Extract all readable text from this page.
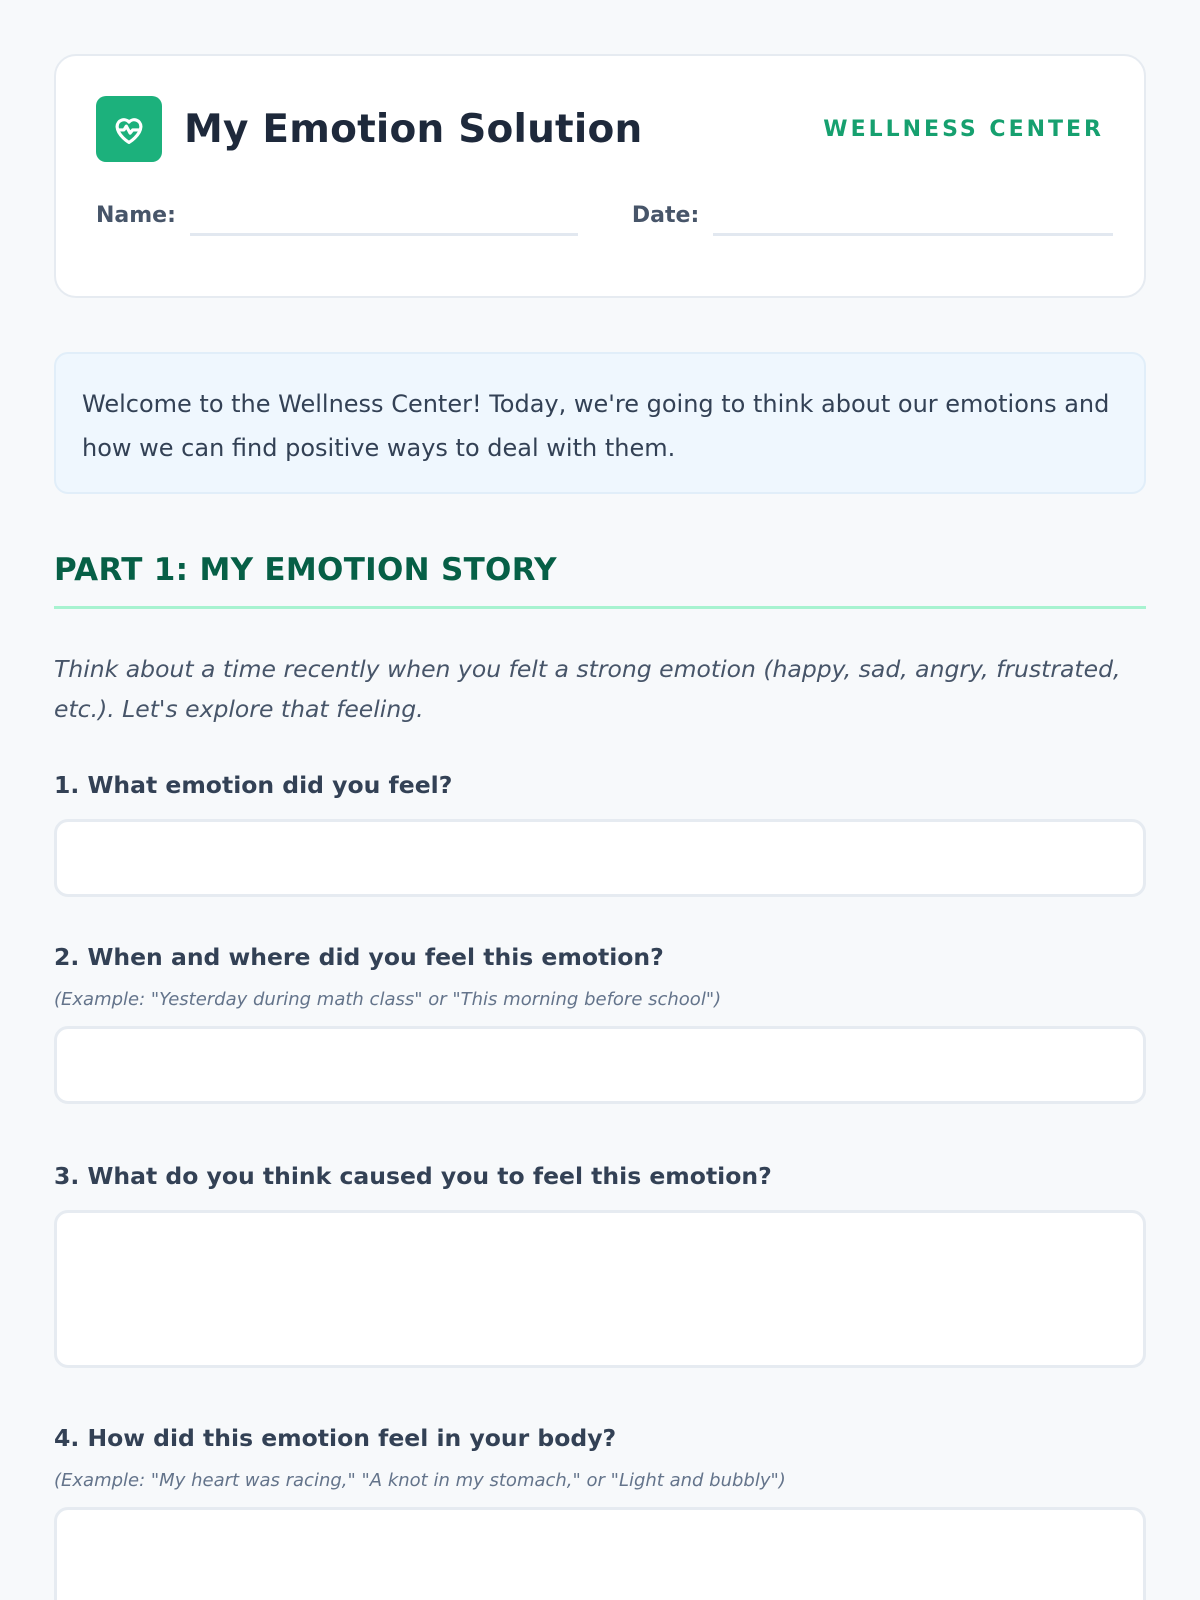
My Emotion Solution	WELLNESS CENTER
Name:	Date:

Welcome to the Wellness Center! Today, we're going to think about our emotions and how we can find positive ways to deal with them.

PART 1: MY EMOTION STORY

Think about a time recently when you felt a strong emotion (happy, sad, angry, frustrated, etc.). Let's explore that feeling.

1. What emotion did you feel?
2. When and where did you feel this emotion?
(Example: "Yesterday during math class" or "This morning before school")
3. What do you think caused you to feel this emotion?
4. How did this emotion feel in your body?
(Example: "My heart was racing," "A knot in my stomach," or "Light and bubbly")
